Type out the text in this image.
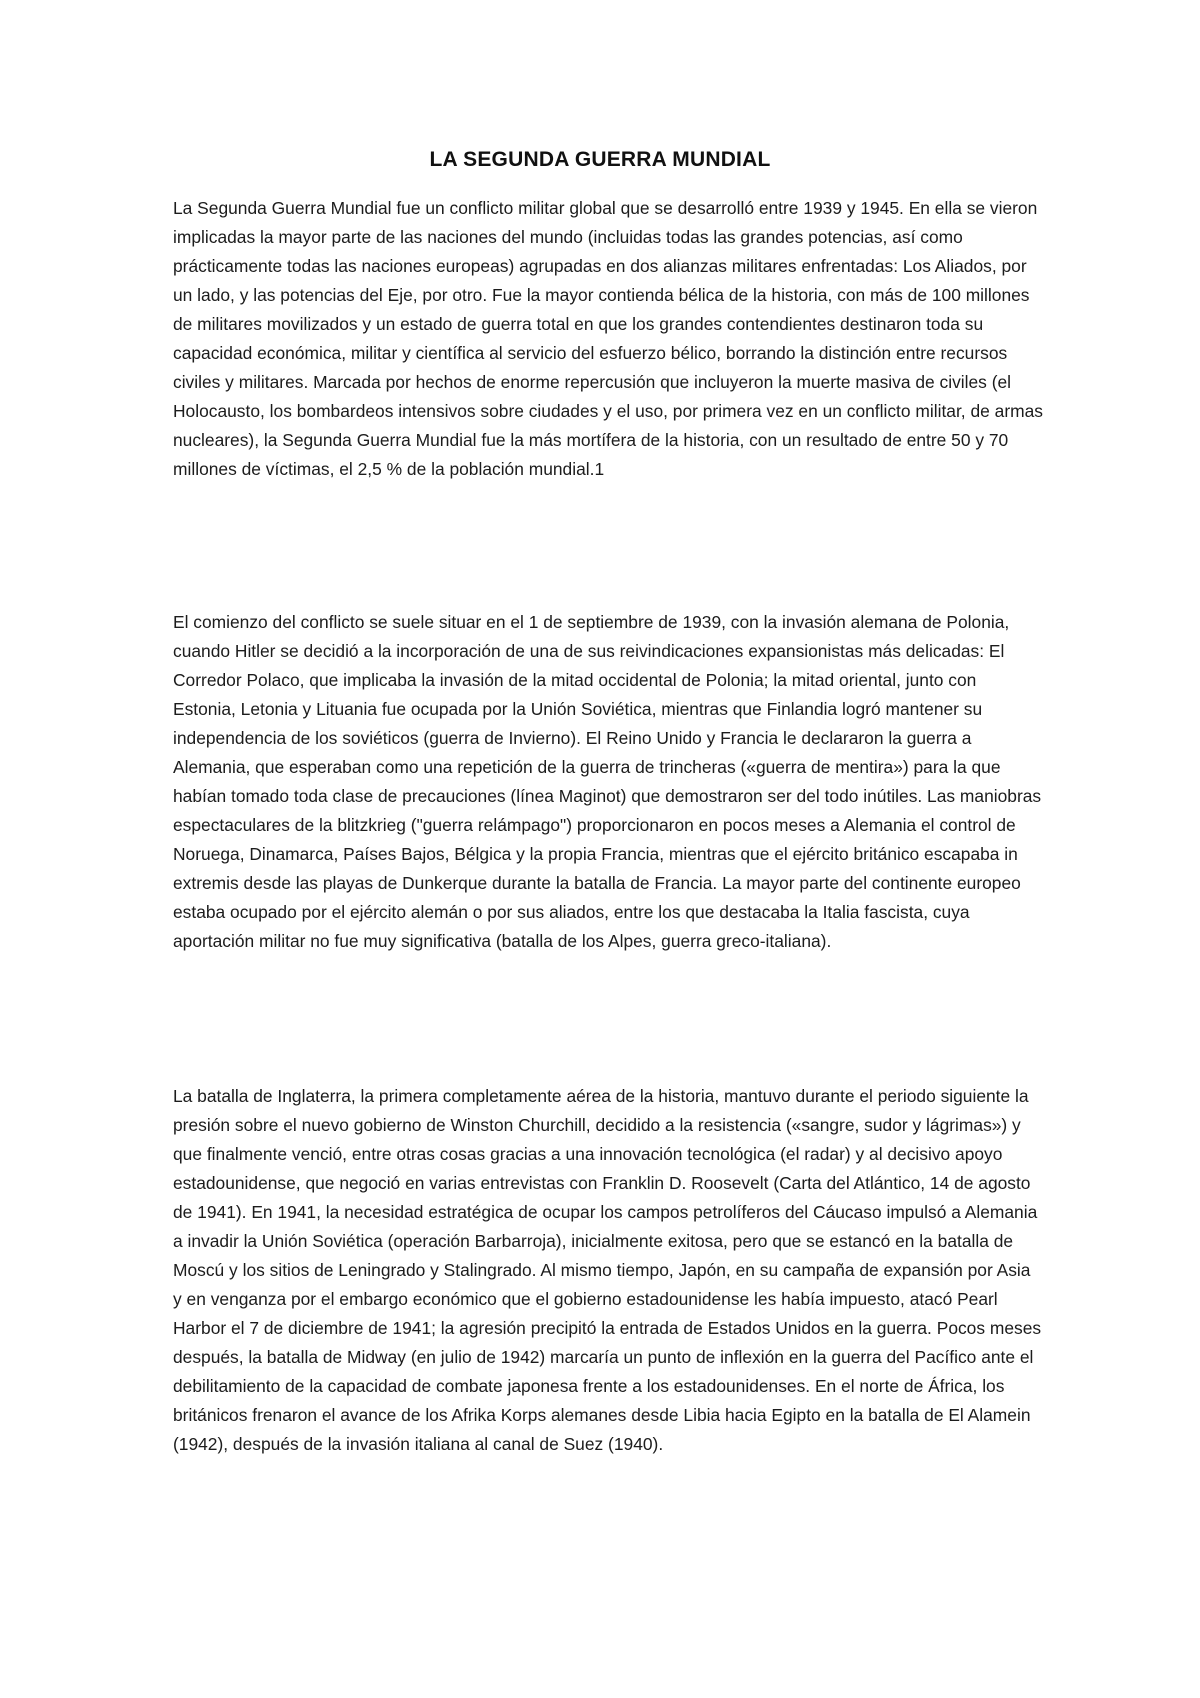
LA SEGUNDA GUERRA MUNDIAL

La Segunda Guerra Mundial fue un conflicto militar global que se desarrolló entre 1939 y 1945. En ella se vieron implicadas la mayor parte de las naciones del mundo (incluidas todas las grandes potencias, así como prácticamente todas las naciones europeas) agrupadas en dos alianzas militares enfrentadas: Los Aliados, por un lado, y las potencias del Eje, por otro. Fue la mayor contienda bélica de la historia, con más de 100 millones de militares movilizados y un estado de guerra total en que los grandes contendientes destinaron toda su capacidad económica, militar y científica al servicio del esfuerzo bélico, borrando la distinción entre recursos civiles y militares. Marcada por hechos de enorme repercusión que incluyeron la muerte masiva de civiles (el Holocausto, los bombardeos intensivos sobre ciudades y el uso, por primera vez en un conflicto militar, de armas nucleares), la Segunda Guerra Mundial fue la más mortífera de la historia, con un resultado de entre 50 y 70 millones de víctimas, el 2,5 % de la población mundial.1

El comienzo del conflicto se suele situar en el 1 de septiembre de 1939, con la invasión alemana de Polonia, cuando Hitler se decidió a la incorporación de una de sus reivindicaciones expansionistas más delicadas: El Corredor Polaco, que implicaba la invasión de la mitad occidental de Polonia; la mitad oriental, junto con Estonia, Letonia y Lituania fue ocupada por la Unión Soviética, mientras que Finlandia logró mantener su independencia de los soviéticos (guerra de Invierno). El Reino Unido y Francia le declararon la guerra a Alemania, que esperaban como una repetición de la guerra de trincheras («guerra de mentira») para la que habían tomado toda clase de precauciones (línea Maginot) que demostraron ser del todo inútiles. Las maniobras espectaculares de la blitzkrieg ("guerra relámpago") proporcionaron en pocos meses a Alemania el control de Noruega, Dinamarca, Países Bajos, Bélgica y la propia Francia, mientras que el ejército británico escapaba in extremis desde las playas de Dunkerque durante la batalla de Francia. La mayor parte del continente europeo estaba ocupado por el ejército alemán o por sus aliados, entre los que destacaba la Italia fascista, cuya aportación militar no fue muy significativa (batalla de los Alpes, guerra greco-italiana).

La batalla de Inglaterra, la primera completamente aérea de la historia, mantuvo durante el periodo siguiente la presión sobre el nuevo gobierno de Winston Churchill, decidido a la resistencia («sangre, sudor y lágrimas») y que finalmente venció, entre otras cosas gracias a una innovación tecnológica (el radar) y al decisivo apoyo estadounidense, que negoció en varias entrevistas con Franklin D. Roosevelt (Carta del Atlántico, 14 de agosto de 1941). En 1941, la necesidad estratégica de ocupar los campos petrolíferos del Cáucaso impulsó a Alemania a invadir la Unión Soviética (operación Barbarroja), inicialmente exitosa, pero que se estancó en la batalla de Moscú y los sitios de Leningrado y Stalingrado. Al mismo tiempo, Japón, en su campaña de expansión por Asia y en venganza por el embargo económico que el gobierno estadounidense les había impuesto, atacó Pearl Harbor el 7 de diciembre de 1941; la agresión precipitó la entrada de Estados Unidos en la guerra. Pocos meses después, la batalla de Midway (en julio de 1942) marcaría un punto de inflexión en la guerra del Pacífico ante el debilitamiento de la capacidad de combate japonesa frente a los estadounidenses. En el norte de África, los británicos frenaron el avance de los Afrika Korps alemanes desde Libia hacia Egipto en la batalla de El Alamein (1942), después de la invasión italiana al canal de Suez (1940).
